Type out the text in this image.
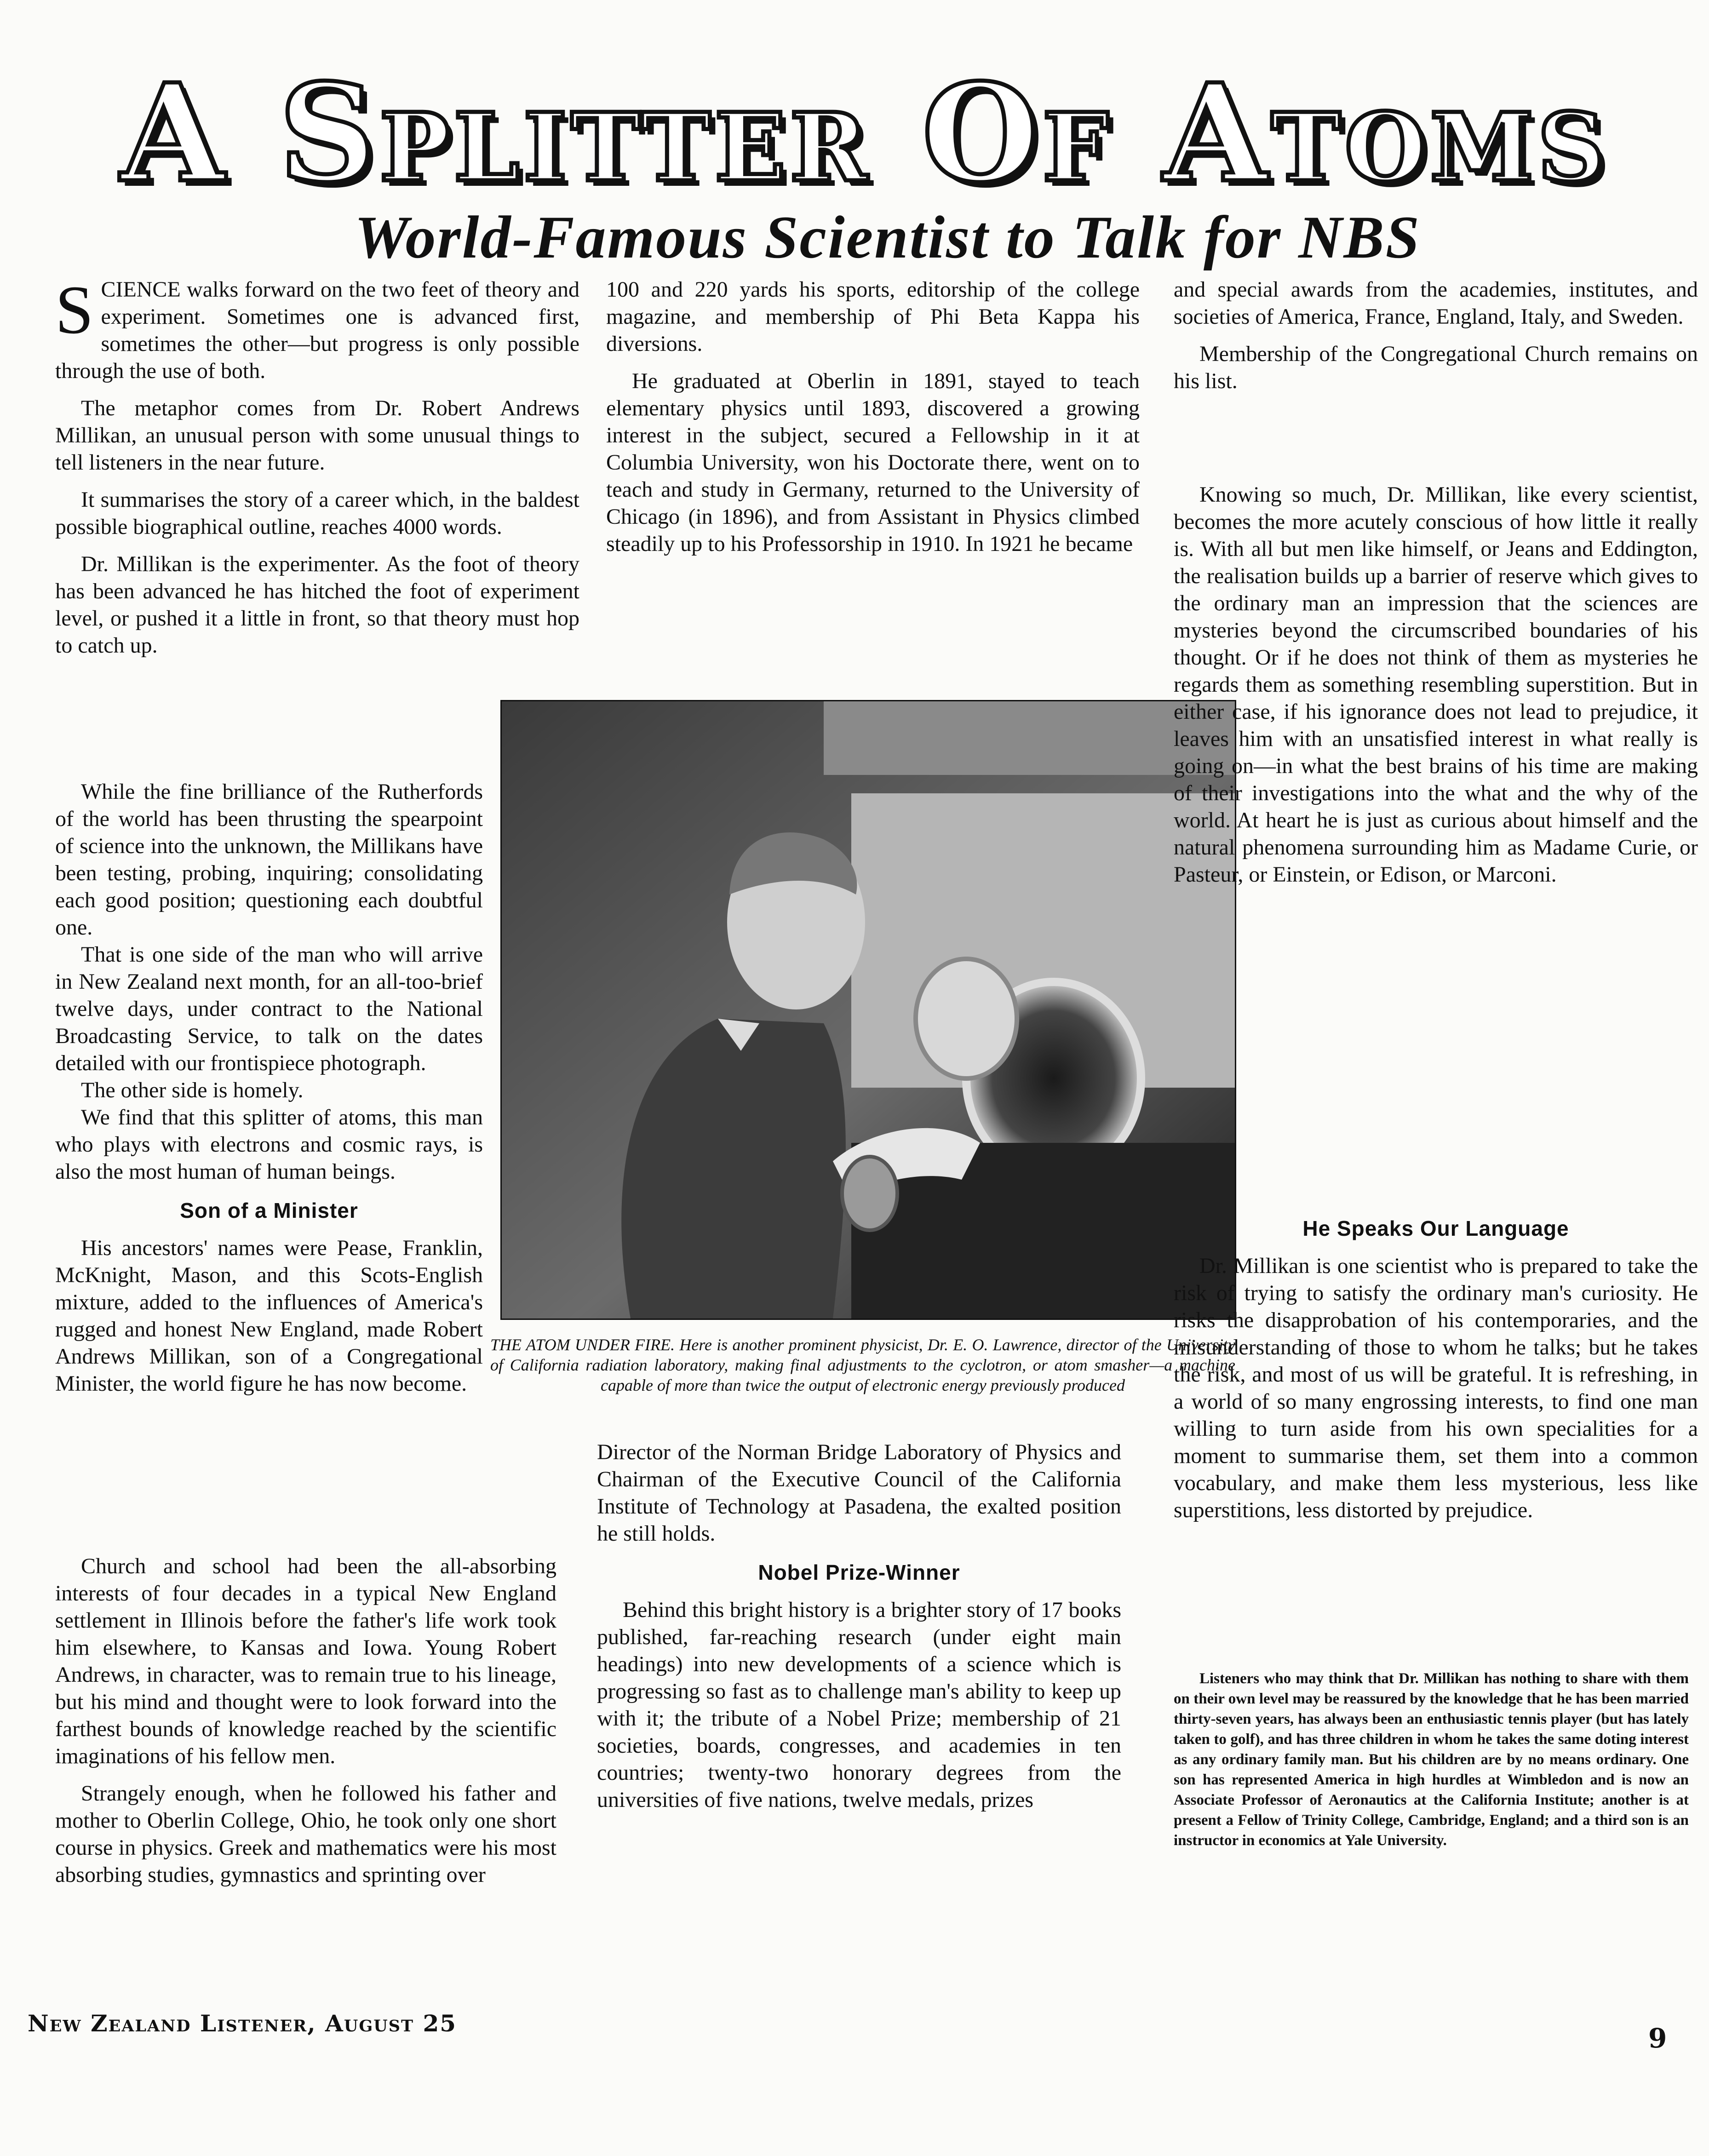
A Splitter Of Atoms
World-Famous Scientist to Talk for NBS

SCIENCE walks forward on the two feet of theory and experiment. Sometimes one is advanced first, sometimes the other—but progress is only possible through the use of both.

The metaphor comes from Dr. Robert Andrews Millikan, an unusual person with some unusual things to tell listeners in the near future.

It summarises the story of a career which, in the baldest possible biographical outline, reaches 4000 words.

Dr. Millikan is the experimenter. As the foot of theory has been advanced he has hitched the foot of experiment level, or pushed it a little in front, so that theory must hop to catch up.

While the fine brilliance of the Rutherfords of the world has been thrusting the spearpoint of science into the unknown, the Millikans have been testing, probing, inquiring; consolidating each good position; questioning each doubtful one.

That is one side of the man who will arrive in New Zealand next month, for an all-too-brief twelve days, under contract to the National Broadcasting Service, to talk on the dates detailed with our frontispiece photograph.

The other side is homely.

We find that this splitter of atoms, this man who plays with electrons and cosmic rays, is also the most human of human beings.

Son of a Minister

His ancestors' names were Pease, Franklin, McKnight, Mason, and this Scots-English mixture, added to the influences of America's rugged and honest New England, made Robert Andrews Millikan, son of a Congregational Minister, the world figure he has now become.

Church and school had been the all-absorbing interests of four decades in a typical New England settlement in Illinois before the father's life work took him elsewhere, to Kansas and Iowa. Young Robert Andrews, in character, was to remain true to his lineage, but his mind and thought were to look forward into the farthest bounds of knowledge reached by the scientific imaginations of his fellow men.

Strangely enough, when he followed his father and mother to Oberlin College, Ohio, he took only one short course in physics. Greek and mathematics were his most absorbing studies, gymnastics and sprinting over

100 and 220 yards his sports, editorship of the college magazine, and membership of Phi Beta Kappa his diversions.

He graduated at Oberlin in 1891, stayed to teach elementary physics until 1893, discovered a growing interest in the subject, secured a Fellowship in it at Columbia University, won his Doctorate there, went on to teach and study in Germany, returned to the University of Chicago (in 1896), and from Assistant in Physics climbed steadily up to his Professorship in 1910. In 1921 he became

THE ATOM UNDER FIRE. Here is another prominent physicist, Dr. E. O. Lawrence, director of the University of California radiation laboratory, making final adjustments to the cyclotron, or atom smasher—a machine capable of more than twice the output of electronic energy previously produced

Director of the Norman Bridge Laboratory of Physics and Chairman of the Executive Council of the California Institute of Technology at Pasadena, the exalted position he still holds.

Nobel Prize-Winner

Behind this bright history is a brighter story of 17 books published, far-reaching research (under eight main headings) into new developments of a science which is progressing so fast as to challenge man's ability to keep up with it; the tribute of a Nobel Prize; membership of 21 societies, boards, congresses, and academies in ten countries; twenty-two honorary degrees from the universities of five nations, twelve medals, prizes

and special awards from the academies, institutes, and societies of America, France, England, Italy, and Sweden.

Membership of the Congregational Church remains on his list.

Knowing so much, Dr. Millikan, like every scientist, becomes the more acutely conscious of how little it really is. With all but men like himself, or Jeans and Eddington, the realisation builds up a barrier of reserve which gives to the ordinary man an impression that the sciences are mysteries beyond the circumscribed boundaries of his thought. Or if he does not think of them as mysteries he regards them as something resembling superstition. But in either case, if his ignorance does not lead to prejudice, it leaves him with an unsatisfied interest in what really is going on—in what the best brains of his time are making of their investigations into the what and the why of the world. At heart he is just as curious about himself and the natural phenomena surrounding him as Madame Curie, or Pasteur, or Einstein, or Edison, or Marconi.

He Speaks Our Language

Dr. Millikan is one scientist who is prepared to take the risk of trying to satisfy the ordinary man's curiosity. He risks the disapprobation of his contemporaries, and the misunderstanding of those to whom he talks; but he takes the risk, and most of us will be grateful. It is refreshing, in a world of so many engrossing interests, to find one man willing to turn aside from his own specialities for a moment to summarise them, set them into a common vocabulary, and make them less mysterious, less like superstitions, less distorted by prejudice.

Listeners who may think that Dr. Millikan has nothing to share with them on their own level may be reassured by the knowledge that he has been married thirty-seven years, has always been an enthusiastic tennis player (but has lately taken to golf), and has three children in whom he takes the same doting interest as any ordinary family man. But his children are by no means ordinary. One son has represented America in high hurdles at Wimbledon and is now an Associate Professor of Aeronautics at the California Institute; another is at present a Fellow of Trinity College, Cambridge, England; and a third son is an instructor in economics at Yale University.
New Zealand Listener, August 25	9
